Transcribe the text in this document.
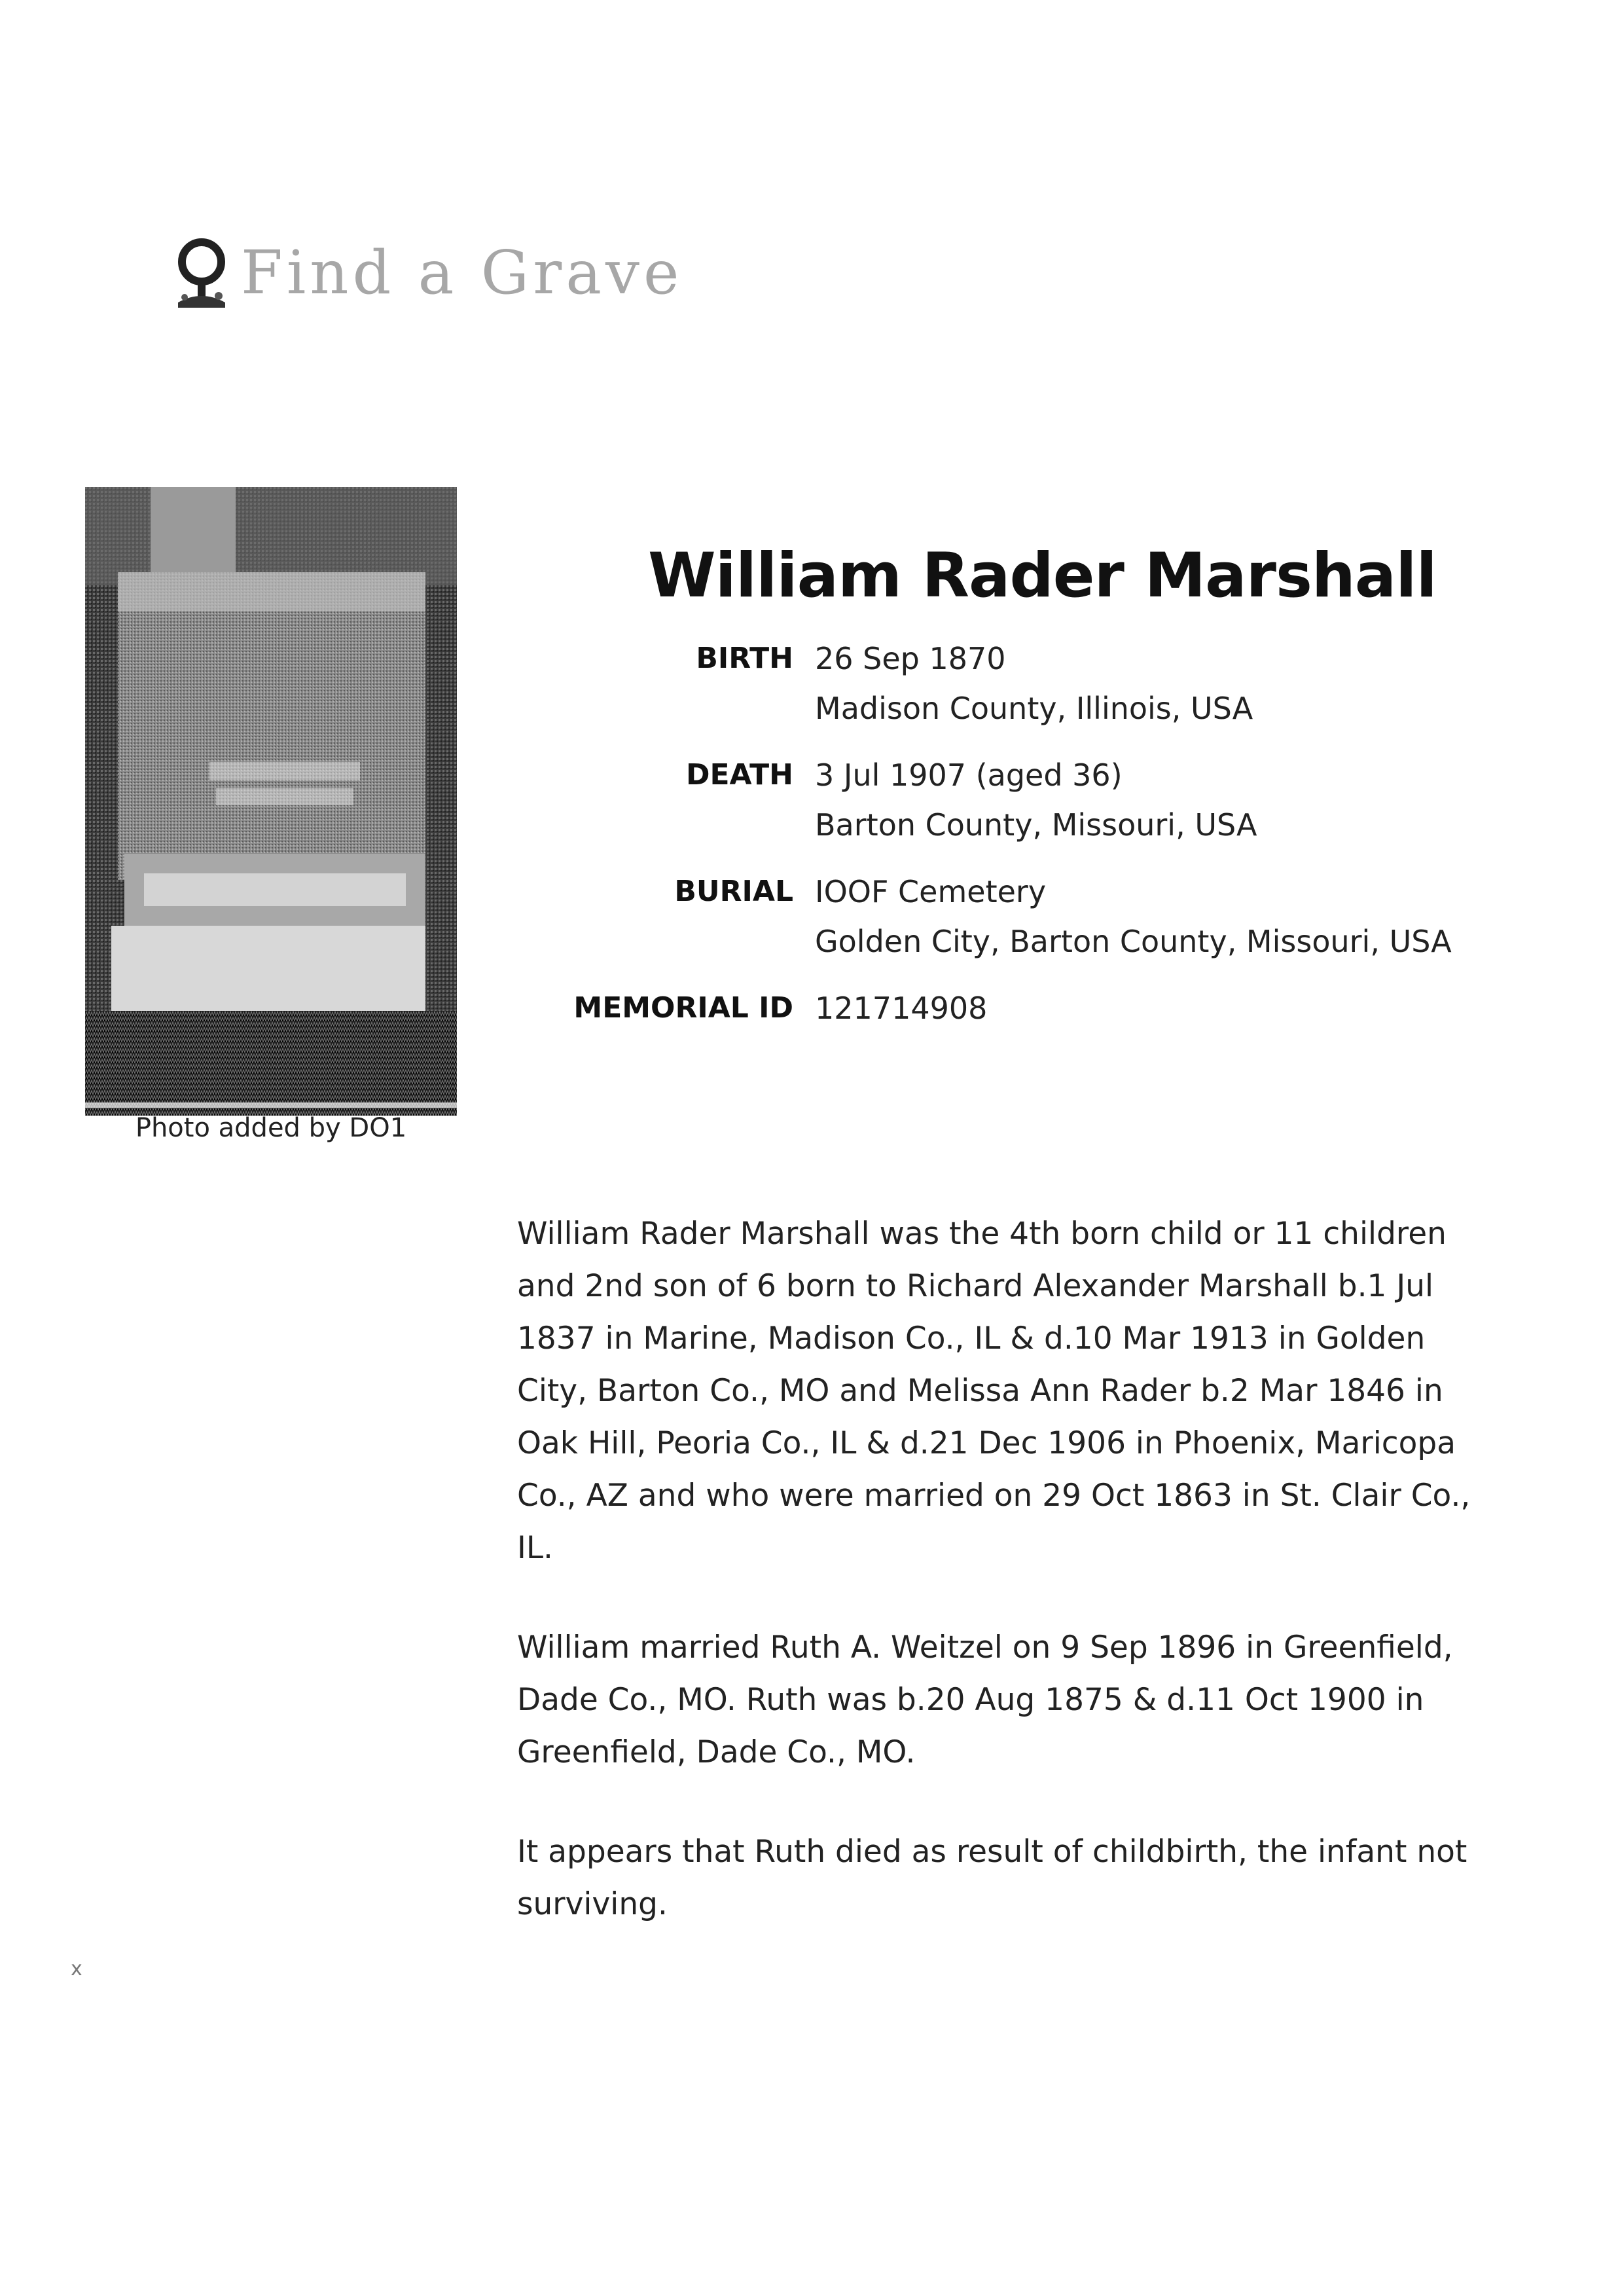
Find a Grave
Photo added by DO1
William Rader Marshall
BIRTH 26 Sep 1870
Madison County, Illinois, USA
DEATH 3 Jul 1907 (aged 36)
Barton County, Missouri, USA
BURIAL IOOF Cemetery
Golden City, Barton County, Missouri, USA
MEMORIAL ID 121714908

William Rader Marshall was the 4th born child or 11 children and 2nd son of 6 born to Richard Alexander Marshall b.1 Jul 1837 in Marine, Madison Co., IL & d.10 Mar 1913 in Golden City, Barton Co., MO and Melissa Ann Rader b.2 Mar 1846 in Oak Hill, Peoria Co., IL & d.21 Dec 1906 in Phoenix, Maricopa Co., AZ and who were married on 29 Oct 1863 in St. Clair Co., IL.

William married Ruth A. Weitzel on 9 Sep 1896 in Greenfield, Dade Co., MO. Ruth was b.20 Aug 1875 & d.11 Oct 1900 in Greenfield, Dade Co., MO.

It appears that Ruth died as result of childbirth, the infant not surviving.

x
